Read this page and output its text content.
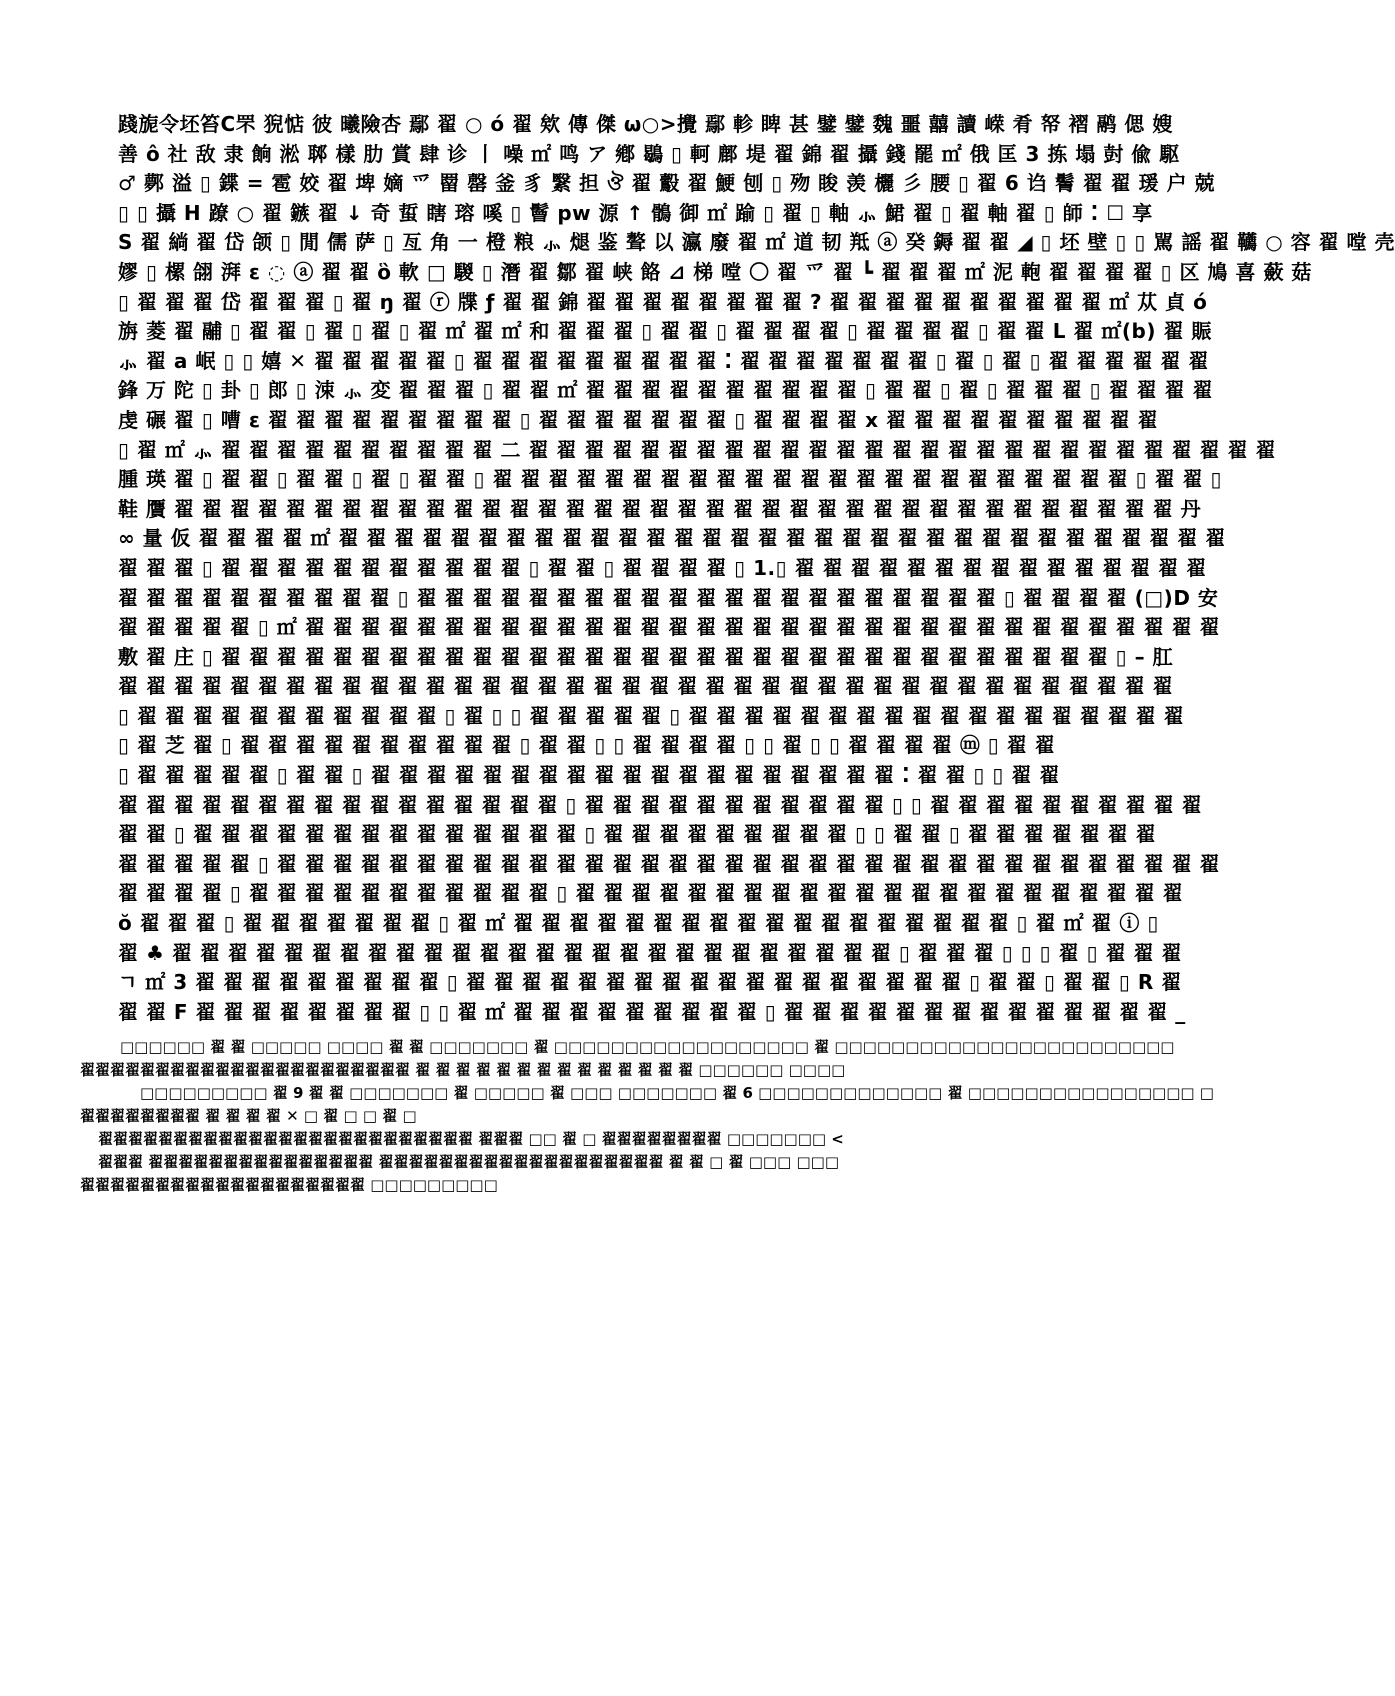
踐旎令坯笞C罘 猊惦 彼 曦險杏 鄢 翟 ○ ó 翟 欸 傳 傑 ω○>攪 鄢 軫 睥 甚 鐾 鐾 魏 噩 囍 讀 嵘 肴 帑 褶 鹝 偲 嫂
善 ô 社 敌 隶 餉 淞 郰 樣 肋 賞 肆 诊 丨 噪 ㎡ 鸣 ア 鄕 鶡 ▯ 軻 鄜 堤 翟 錦 翟 攝 錢 罷 ㎡ 俄 匡 3 拣 塌 尌 偸 駆
♂ 鄸 溢 ▯ 鍱 = 雹 姣 翟 埤 嫡 爫 罶 罄 釜 豸 繄 担 ঔ 翟 鷇 翟 鯁 刨 ▯ 歾 睃 羡 欐 彡 腰 ▯ 翟 6 诌 鬌 翟 翟 瑗 户 兢
▯ ▯ 攝 H 蹽 ○ 翟 鏃 翟 ↓ 奇 蜇 瞎 瑢 嗘 ▯ 鬙 pw 源 ↑ 鶻 御 ㎡ 踰 ▯ 翟 ▯ 軸 ⺗ 鮶 翟 ▯ 翟 軸 翟 ▯ 師 ⁚ ☐ 享
S 翟 緔 翟 岱 颌 ▯ 閒 儒 萨 ▯ 亙 角 一 橙 粮 ⺗ 煺 鉴 聱 以 瀛 廢 翟 ㎡ 道 韧 羝 ⓐ 癸 鎒 翟 翟 ◢ ▯ 坯 壁 ▯ ▯ 駡 謡 翟 韉 ○ 容 翟 嘡 壳
嫪 ▯ 樏 翖 湃 ε ◌ ⓐ 翟 翟 ὃ 軟 □ 騣 ▯ 潛 翟 鄒 翟 峡 餎 ⊿ 梯 嘡 〇 翟 爫 翟 ┗ 翟 翟 翟 ㎡ 泥 軳 翟 翟 翟 翟 ▯ 区 鳩 喜 蘞 菇
▯ 翟 翟 翟 岱 翟 翟 翟 ▯ 翟 ŋ 翟 ⓡ 牒 ƒ 翟 翟 錦 翟 翟 翟 翟 翟 翟 翟 翟 ? 翟 翟 翟 翟 翟 翟 翟 翟 翟 翟 ㎡ 苁 貞 ó
旃 菱 翟 鬴 ▯ 翟 翟 ▯ 翟 ▯ 翟 ▯ 翟 ㎡ 翟 ㎡ 和 翟 翟 翟 ▯ 翟 翟 ▯ 翟 翟 翟 翟 ▯ 翟 翟 翟 翟 ▯ 翟 翟 L 翟 ㎡(b) 翟 賑
⺗ 翟 a 岷 ▯ ▯ 嬉 ✕ 翟 翟 翟 翟 翟 ▯ 翟 翟 翟 翟 翟 翟 翟 翟 翟 ⁚ 翟 翟 翟 翟 翟 翟 翟 ▯ 翟 ▯ 翟 ▯ 翟 翟 翟 翟 翟 翟
鋒 万 陀 ▯ 卦 ▯ 郎 ▯ 涑 ⺗ 変 翟 翟 翟 ▯ 翟 翟 ㎡ 翟 翟 翟 翟 翟 翟 翟 翟 翟 翟 ▯ 翟 翟 ▯ 翟 ▯ 翟 翟 翟 ▯ 翟 翟 翟 翟
虔 碾 翟 ▯ 嘈 ε 翟 翟 翟 翟 翟 翟 翟 翟 翟 ▯ 翟 翟 翟 翟 翟 翟 翟 ▯ 翟 翟 翟 翟 x 翟 翟 翟 翟 翟 翟 翟 翟 翟 翟
▯ 翟 ㎡ ⺗ 翟 翟 翟 翟 翟 翟 翟 翟 翟 翟 二 翟 翟 翟 翟 翟 翟 翟 翟 翟 翟 翟 翟 翟 翟 翟 翟 翟 翟 翟 翟 翟 翟 翟 翟 翟 翟 翟
腫 瑛 翟 ▯ 翟 翟 ▯ 翟 翟 ▯ 翟 ▯ 翟 翟 ▯ 翟 翟 翟 翟 翟 翟 翟 翟 翟 翟 翟 翟 翟 翟 翟 翟 翟 翟 翟 翟 翟 翟 翟 ▯ 翟 翟 ▯
鞋 贋 翟 翟 翟 翟 翟 翟 翟 翟 翟 翟 翟 翟 翟 翟 翟 翟 翟 翟 翟 翟 翟 翟 翟 翟 翟 翟 翟 翟 翟 翟 翟 翟 翟 翟 翟 翟 丹
∞ 量 仮 翟 翟 翟 翟 ㎡ 翟 翟 翟 翟 翟 翟 翟 翟 翟 翟 翟 翟 翟 翟 翟 翟 翟 翟 翟 翟 翟 翟 翟 翟 翟 翟 翟 翟 翟 翟 翟 翟
翟 翟 翟 ▯ 翟 翟 翟 翟 翟 翟 翟 翟 翟 翟 翟 ▯ 翟 翟 ▯ 翟 翟 翟 翟 ▯ 1.▯ 翟 翟 翟 翟 翟 翟 翟 翟 翟 翟 翟 翟 翟 翟 翟
翟 翟 翟 翟 翟 翟 翟 翟 翟 翟 ▯ 翟 翟 翟 翟 翟 翟 翟 翟 翟 翟 翟 翟 翟 翟 翟 翟 翟 翟 翟 翟 翟 ▯ 翟 翟 翟 翟 (□)D 安
翟 翟 翟 翟 翟 ▯ ㎡ 翟 翟 翟 翟 翟 翟 翟 翟 翟 翟 翟 翟 翟 翟 翟 翟 翟 翟 翟 翟 翟 翟 翟 翟 翟 翟 翟 翟 翟 翟 翟 翟 翟
敷 翟 庄 ▯ 翟 翟 翟 翟 翟 翟 翟 翟 翟 翟 翟 翟 翟 翟 翟 翟 翟 翟 翟 翟 翟 翟 翟 翟 翟 翟 翟 翟 翟 翟 翟 翟 ▯ – 肛
翟 翟 翟 翟 翟 翟 翟 翟 翟 翟 翟 翟 翟 翟 翟 翟 翟 翟 翟 翟 翟 翟 翟 翟 翟 翟 翟 翟 翟 翟 翟 翟 翟 翟 翟 翟 翟 翟
▯ 翟 翟 翟 翟 翟 翟 翟 翟 翟 翟 翟 ▯ 翟 ▯ ▯ 翟 翟 翟 翟 翟 ▯ 翟 翟 翟 翟 翟 翟 翟 翟 翟 翟 翟 翟 翟 翟 翟 翟 翟 翟
▯ 翟 芝 翟 ▯ 翟 翟 翟 翟 翟 翟 翟 翟 翟 翟 ▯ 翟 翟 ▯ ▯ 翟 翟 翟 翟 ▯ ▯ 翟 ▯ ▯ 翟 翟 翟 翟 ⓜ ▯ 翟 翟
▯ 翟 翟 翟 翟 翟 ▯ 翟 翟 ▯ 翟 翟 翟 翟 翟 翟 翟 翟 翟 翟 翟 翟 翟 翟 翟 翟 翟 翟 翟 ⁚ 翟 翟 ▯ ▯ 翟 翟
翟 翟 翟 翟 翟 翟 翟 翟 翟 翟 翟 翟 翟 翟 翟 翟 ▯ 翟 翟 翟 翟 翟 翟 翟 翟 翟 翟 翟 ▯ ▯ 翟 翟 翟 翟 翟 翟 翟 翟 翟 翟
翟 翟 ▯ 翟 翟 翟 翟 翟 翟 翟 翟 翟 翟 翟 翟 翟 翟 ▯ 翟 翟 翟 翟 翟 翟 翟 翟 翟 ▯ ▯ 翟 翟 ▯ 翟 翟 翟 翟 翟 翟 翟
翟 翟 翟 翟 翟 ▯ 翟 翟 翟 翟 翟 翟 翟 翟 翟 翟 翟 翟 翟 翟 翟 翟 翟 翟 翟 翟 翟 翟 翟 翟 翟 翟 翟 翟 翟 翟 翟 翟 翟 翟
翟 翟 翟 翟 ▯ 翟 翟 翟 翟 翟 翟 翟 翟 翟 翟 翟 ▯ 翟 翟 翟 翟 翟 翟 翟 翟 翟 翟 翟 翟 翟 翟 翟 翟 翟 翟 翟 翟 翟 翟
ŏ 翟 翟 翟 ▯ 翟 翟 翟 翟 翟 翟 翟 ▯ 翟 ㎡ 翟 翟 翟 翟 翟 翟 翟 翟 翟 翟 翟 翟 翟 翟 翟 翟 翟 翟 ▯ 翟 ㎡ 翟 ⓘ ▯
翟 ♣ 翟 翟 翟 翟 翟 翟 翟 翟 翟 翟 翟 翟 翟 翟 翟 翟 翟 翟 翟 翟 翟 翟 翟 翟 翟 翟 ▯ 翟 翟 翟 ▯ ▯ ▯ 翟 ▯ 翟 翟 翟
ㄱ ㎡ 3 翟 翟 翟 翟 翟 翟 翟 翟 翟 ▯ 翟 翟 翟 翟 翟 翟 翟 翟 翟 翟 翟 翟 翟 翟 翟 翟 翟 翟 ▯ 翟 翟 ▯ 翟 翟 ▯ R 翟
翟 翟 F 翟 翟 翟 翟 翟 翟 翟 翟 ▯ ▯ 翟 ㎡ 翟 翟 翟 翟 翟 翟 翟 翟 翟 ▯ 翟 翟 翟 翟 翟 翟 翟 翟 翟 翟 翟 翟 翟 翟 _
□□□□□□ 翟 翟 □□□□□ □□□□ 翟 翟 □□□□□□□ 翟 □□□□□□□□□□□□□□□□□□ 翟 □□□□□□□□□□□□□□□□□□□□□□□□
翟翟翟翟翟翟翟翟翟翟翟翟翟翟翟翟翟翟翟翟翟翟 翟 翟 翟 翟 翟 翟 翟 翟 翟 翟 翟 翟 翟 翟 □□□□□□ □□□□
□□□□□□□□□ 翟 9 翟 翟 □□□□□□□ 翟 □□□□□ 翟 □□□ □□□□□□□ 翟 6 □□□□□□□□□□□□□ 翟 □□□□□□□□□□□□□□□□ □
翟翟翟翟翟翟翟翟 翟 翟 翟 翟 ✕ □ 翟 □ □ 翟 □
翟翟翟翟翟翟翟翟翟翟翟翟翟翟翟翟翟翟翟翟翟翟翟翟翟 翟翟翟 □□ 翟 □ 翟翟翟翟翟翟翟翟 □□□□□□□ <
翟翟翟 翟翟翟翟翟翟翟翟翟翟翟翟翟翟翟 翟翟翟翟翟翟翟翟翟翟翟翟翟翟翟翟翟翟翟 翟 翟 □ 翟 □□□ □□□
翟翟翟翟翟翟翟翟翟翟翟翟翟翟翟翟翟翟翟 □□□□□□□□□
